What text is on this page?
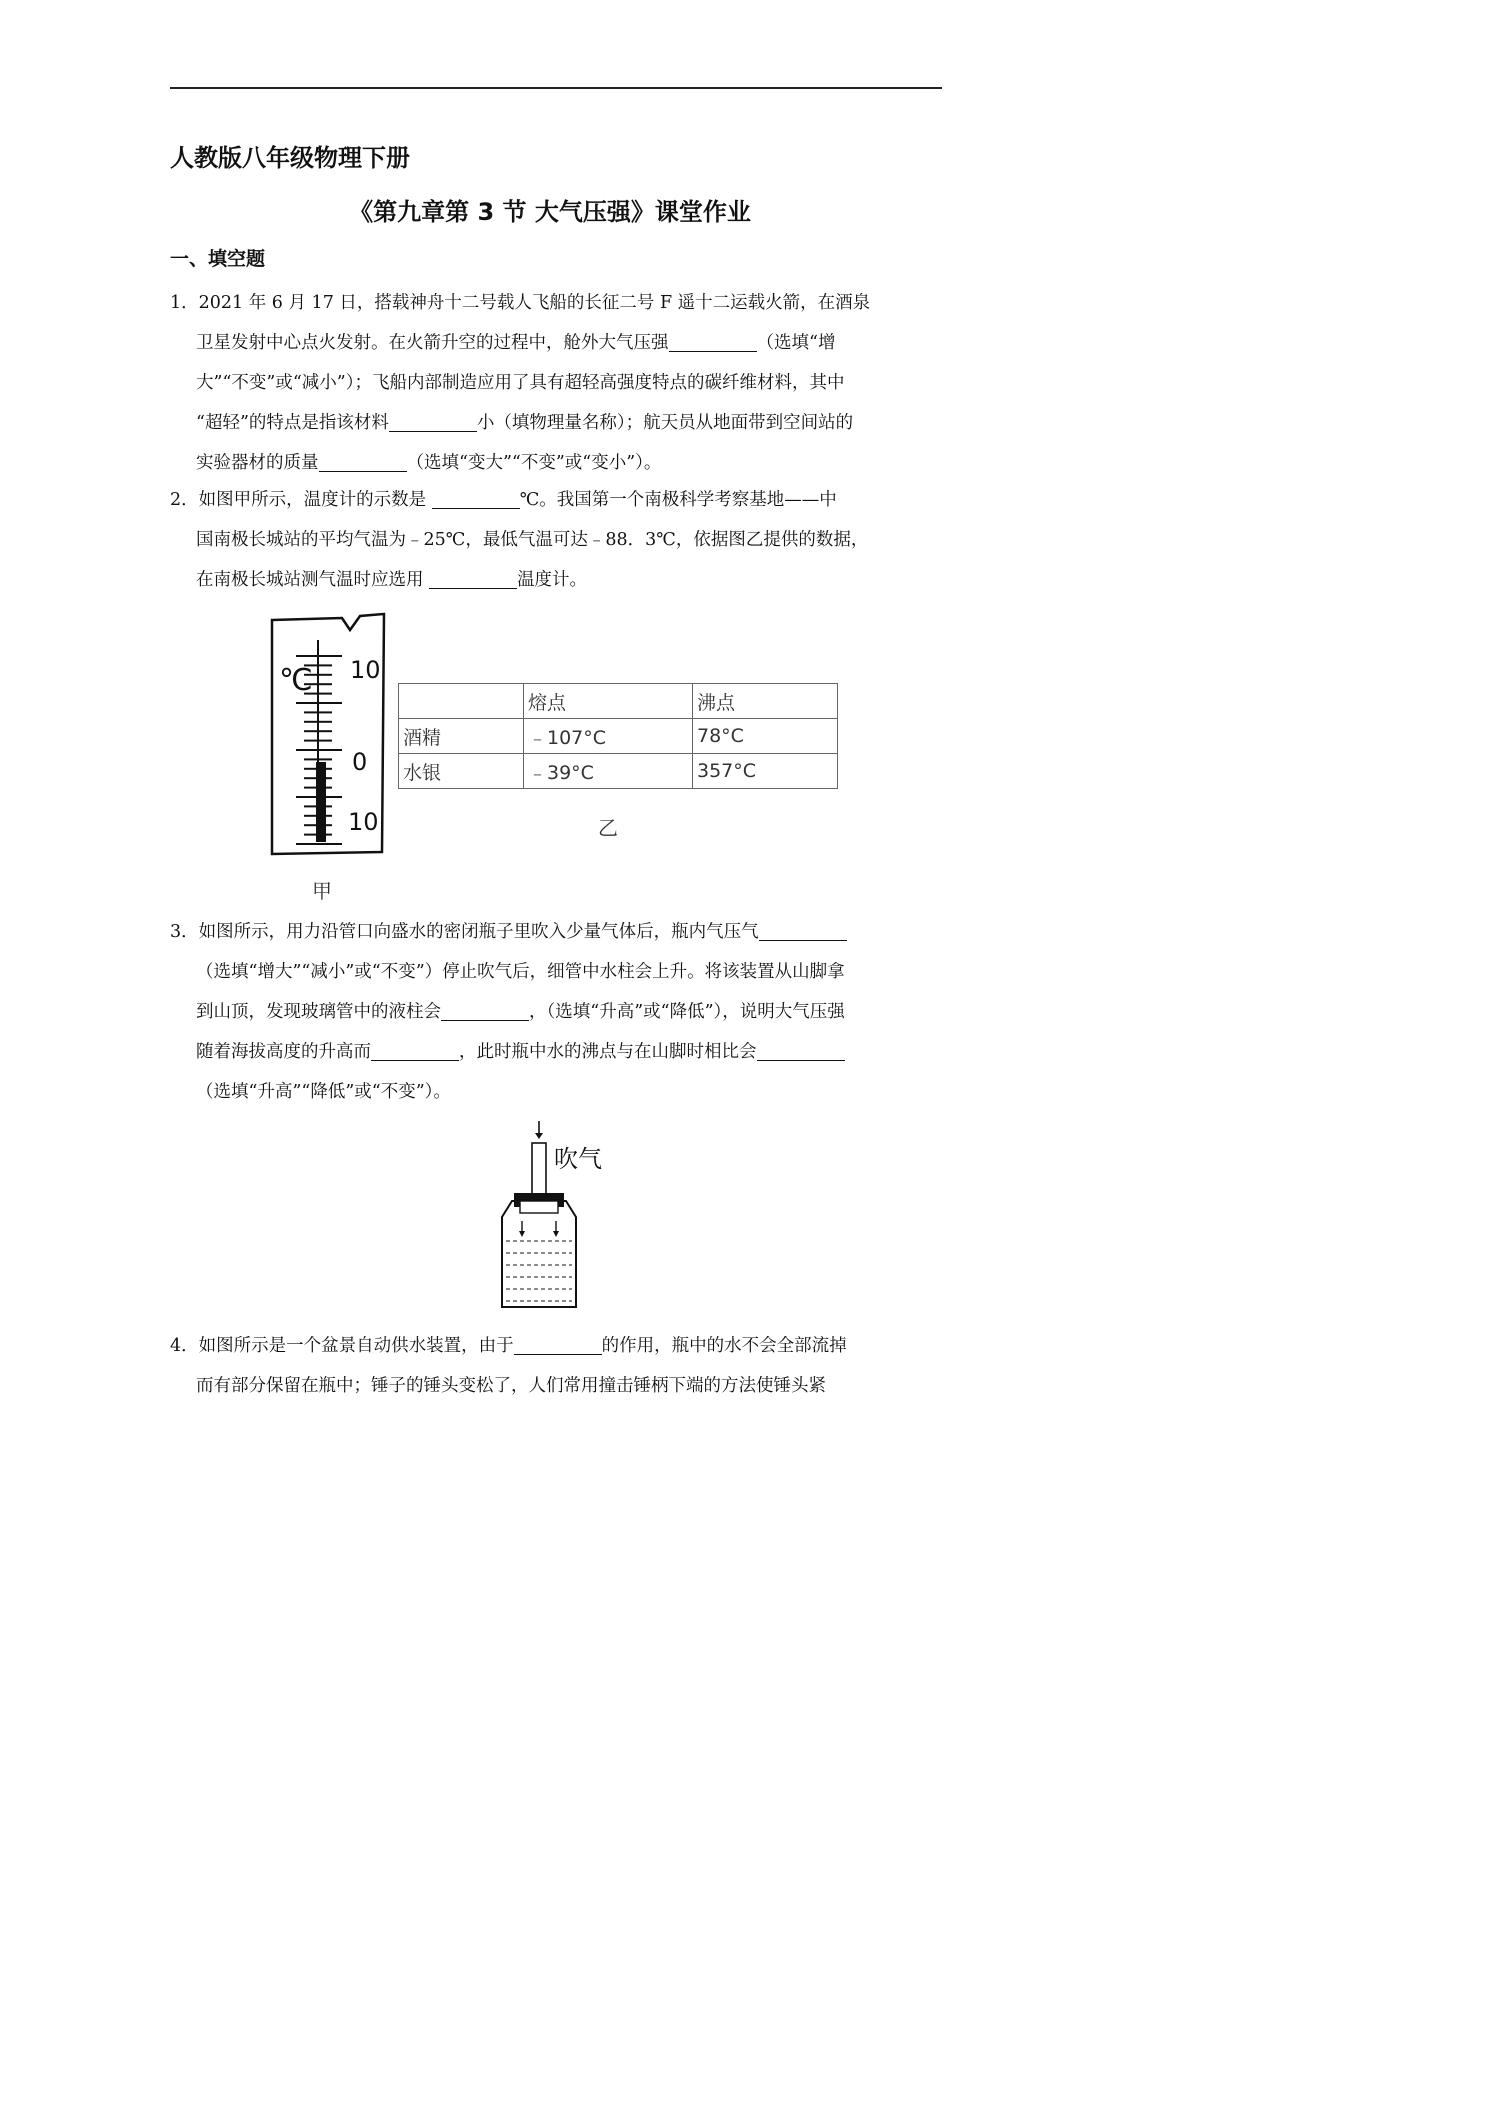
人教版八年级物理下册
《第九章第 3 节 大气压强》课堂作业
一、填空题
1．2021 年 6 月 17 日，搭载神舟十二号载人飞船的长征二号 F 遥十二运载火箭，在酒泉
卫星发射中心点火发射。在火箭升空的过程中，舱外大气压强	（选填“增
大”“不变”或“减小”）；飞船内部制造应用了具有超轻高强度特点的碳纤维材料，其中
“超轻”的特点是指该材料	小（填物理量名称）；航天员从地面带到空间站的
实验器材的质量	（选填“变大”“不变”或“变小”）。
2．如图甲所示，温度计的示数是	℃。我国第一个南极科学考察基地——中
国南极长城站的平均气温为﹣25℃，最低气温可达﹣88．3℃，依据图乙提供的数据，
在南极长城站测气温时应选用	温度计。
℃ 10
0
10
甲
	熔点	沸点
酒精	﹣107°C	78°C
水银	﹣39°C	357°C
乙
3．如图所示，用力沿管口向盛水的密闭瓶子里吹入少量气体后，瓶内气压气
（选填“增大”“减小”或“不变”）停止吹气后，细管中水柱会上升。将该装置从山脚拿
到山顶，发现玻璃管中的液柱会	，（选填“升高”或“降低”），说明大气压强
随着海拔高度的升高而	，此时瓶中水的沸点与在山脚时相比会
（选填“升高”“降低”或“不变”）。
吹气
4．如图所示是一个盆景自动供水装置，由于	的作用，瓶中的水不会全部流掉
而有部分保留在瓶中；锤子的锤头变松了，人们常用撞击锤柄下端的方法使锤头紧
